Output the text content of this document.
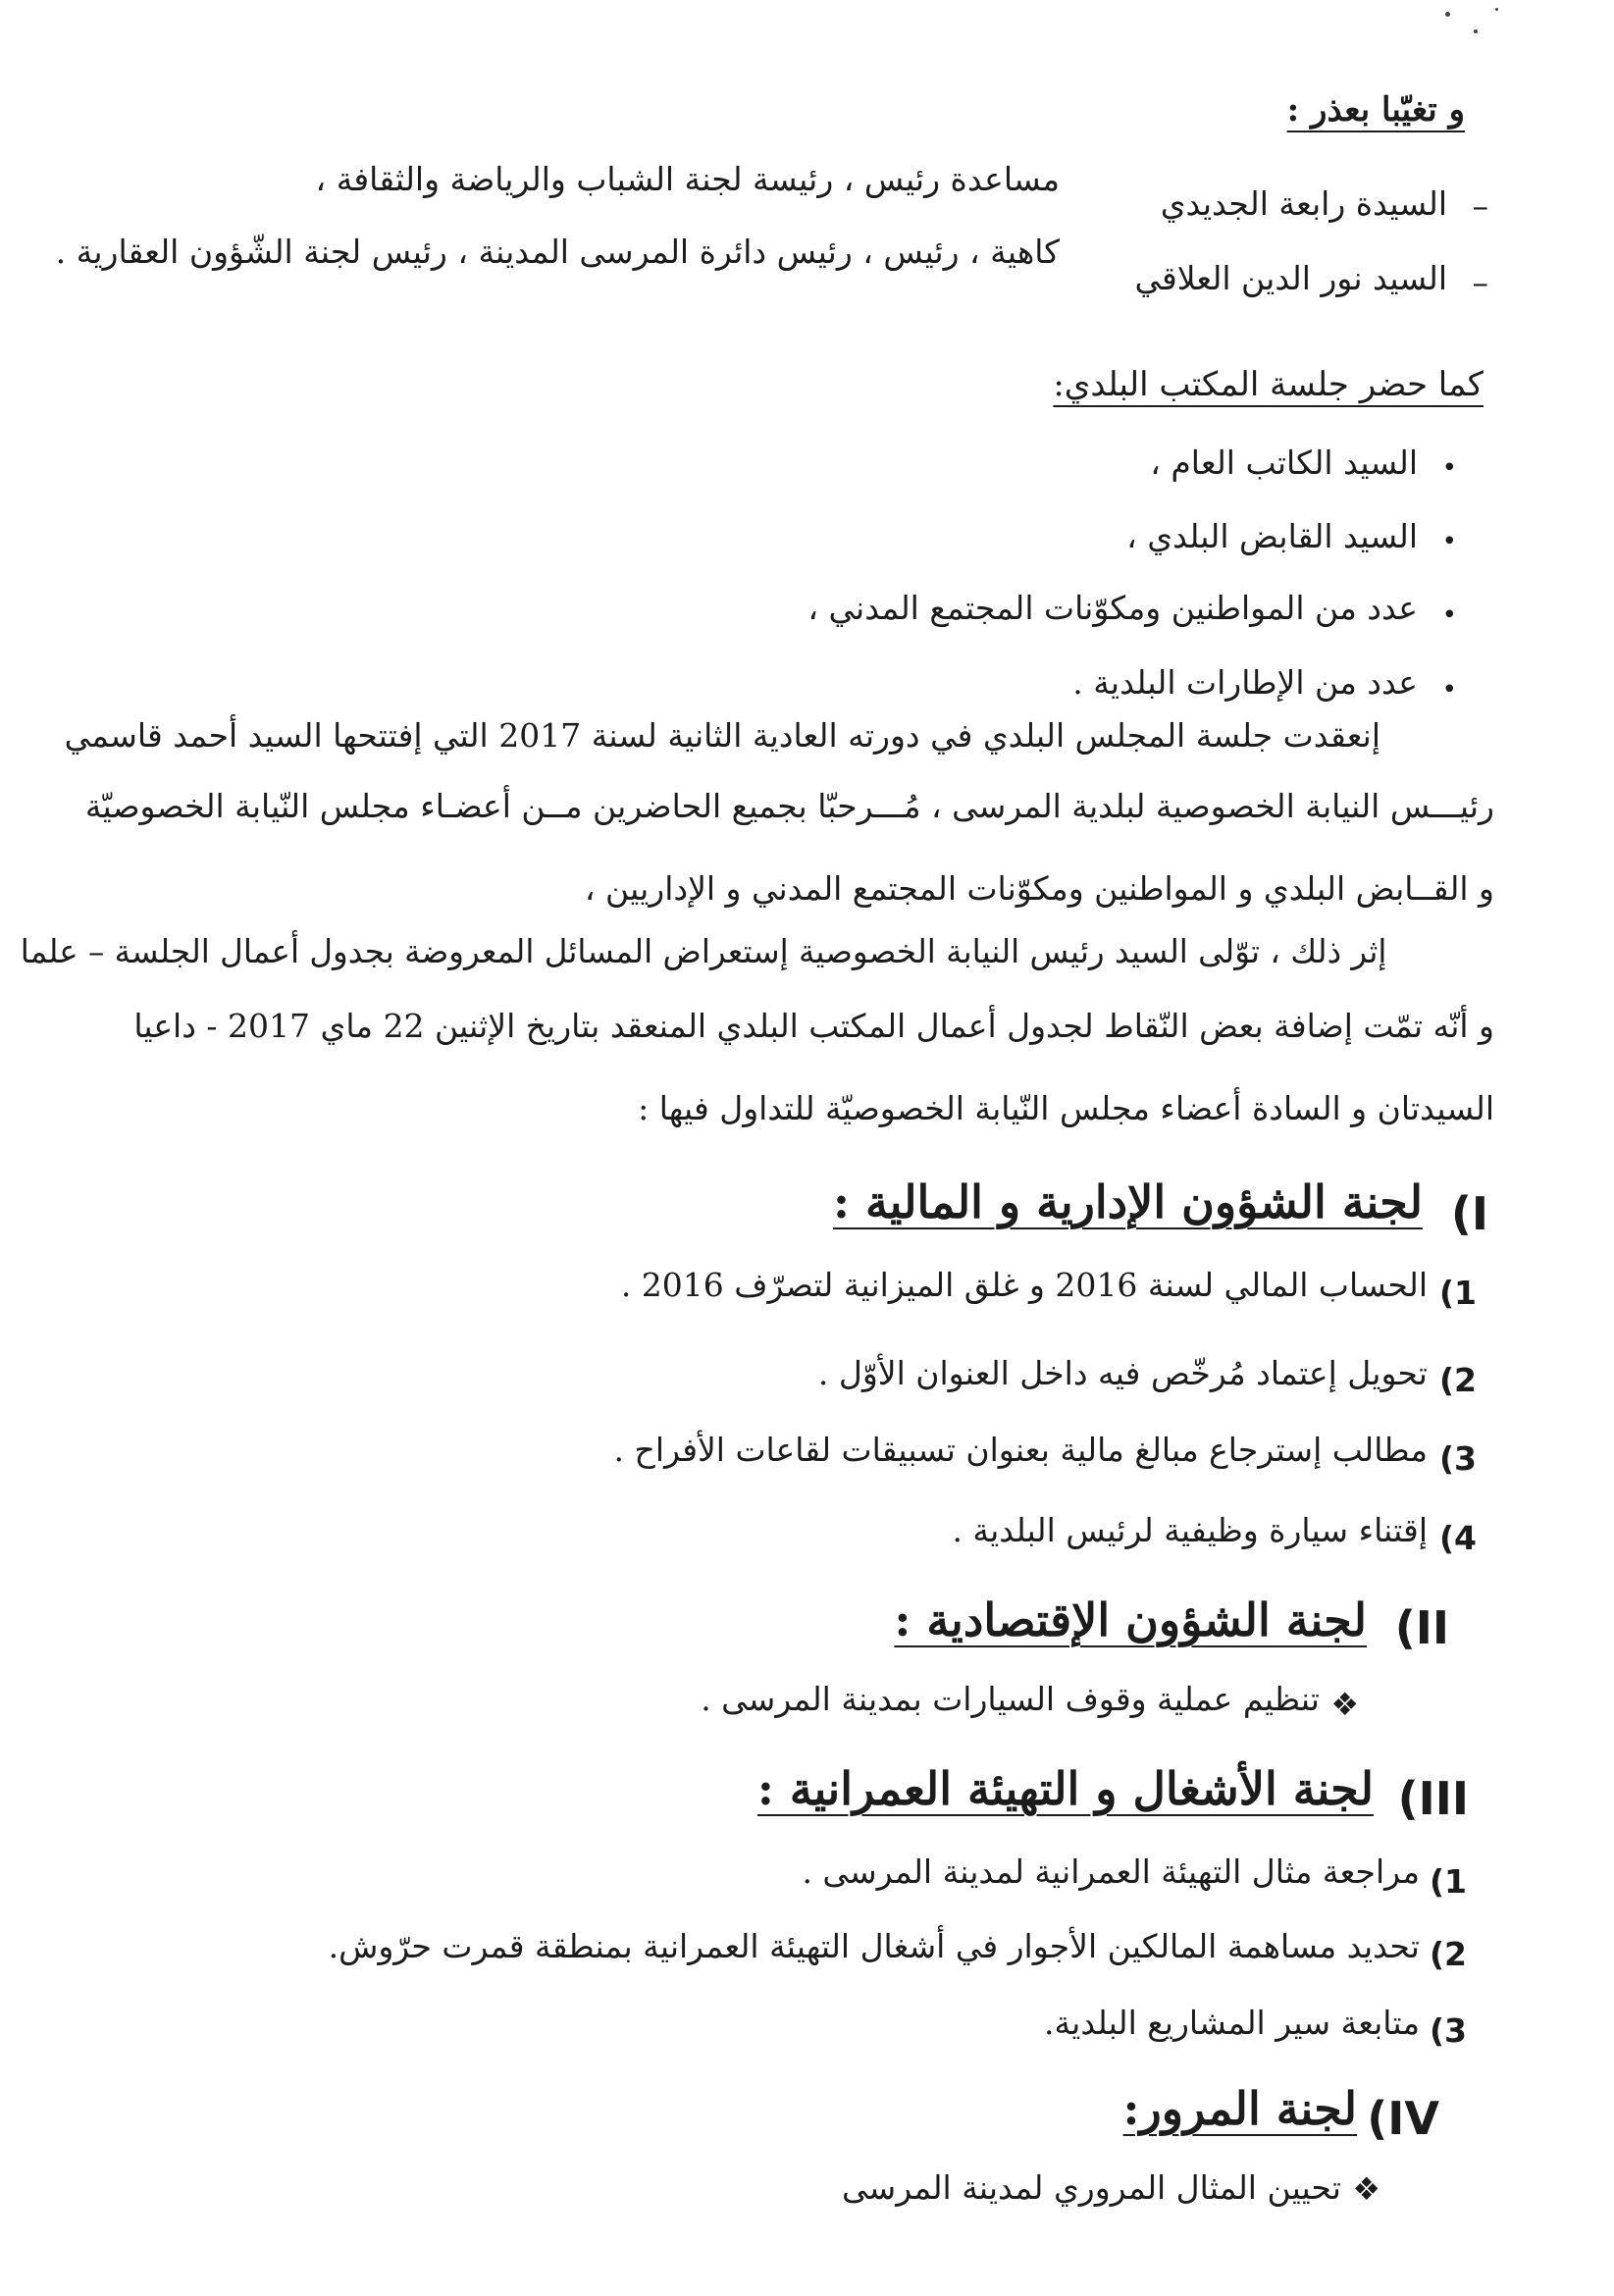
و تغيّبا بعذر :
–
السيدة رابعة الجديدي
مساعدة رئيس ، رئيسة لجنة الشباب والرياضة والثقافة ،
–
السيد نور الدين العلاقي
كاهية ، رئيس ، رئيس دائرة المرسى المدينة ، رئيس لجنة الشّؤون العقارية .
كما حضر جلسة المكتب البلدي:
•
السيد الكاتب العام ،
•
السيد القابض البلدي ،
•
عدد من المواطنين ومكوّنات المجتمع المدني ،
•
عدد من الإطارات البلدية .
إنعقدت جلسة المجلس البلدي في دورته العادية الثانية لسنة 2017 التي إفتتحها السيد أحمد قاسمي
رئيـــس النيابة الخصوصية لبلدية المرسى ، مُـــرحبّا بجميع الحاضرين مــن أعضـاء مجلس النّيابة الخصوصيّة
و القــابض البلدي و المواطنين ومكوّنات المجتمع المدني و الإداريين ،
إثر ذلك ، توّلى السيد رئيس النيابة الخصوصية إستعراض المسائل المعروضة بجدول أعمال الجلسة – علما
و أنّه تمّت إضافة بعض النّقاط لجدول أعمال المكتب البلدي المنعقد بتاريخ الإثنين 22 ماي 2017 - داعيا
السيدتان و السادة أعضاء مجلس النّيابة الخصوصيّة للتداول فيها :
I)
لجنة الشؤون الإدارية و المالية :
1)
الحساب المالي لسنة 2016 و غلق الميزانية لتصرّف 2016 .
2)
تحويل إعتماد مُرخّص فيه داخل العنوان الأوّل .
3)
مطالب إسترجاع مبالغ مالية بعنوان تسبيقات لقاعات الأفراح .
4)
إقتناء سيارة وظيفية لرئيس البلدية .
II)
لجنة الشؤون الإقتصادية :
❖
تنظيم عملية وقوف السيارات بمدينة المرسى .
III)
لجنة الأشغال و التهيئة العمرانية :
1)
مراجعة مثال التهيئة العمرانية لمدينة المرسى .
2)
تحديد مساهمة المالكين الأجوار في أشغال التهيئة العمرانية بمنطقة قمرت حرّوش.
3)
متابعة سير المشاريع البلدية.
IV)
لجنة المرور:
❖
تحيين المثال المروري لمدينة المرسى
